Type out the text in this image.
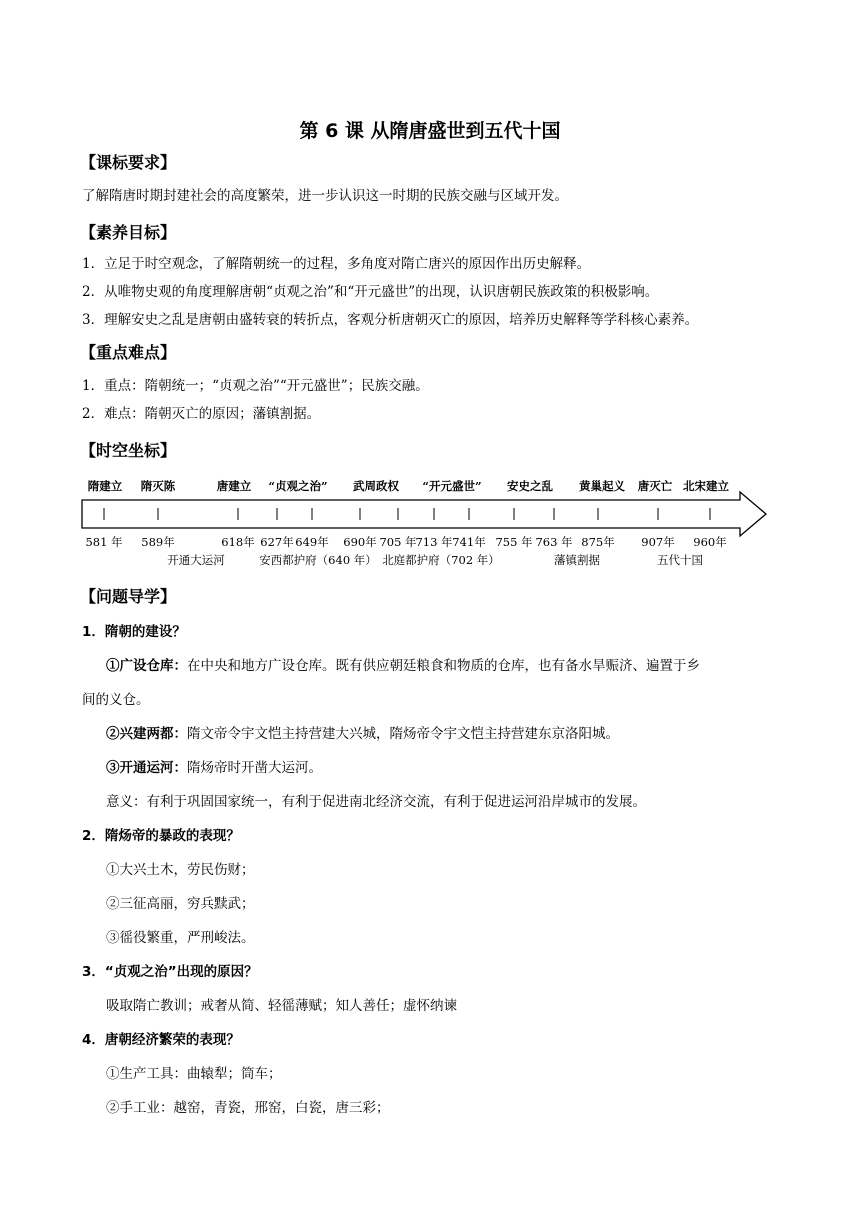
第 6 课 从隋唐盛世到五代十国
【课标要求】
了解隋唐时期封建社会的高度繁荣，进一步认识这一时期的民族交融与区域开发。
【素养目标】
1．立足于时空观念，了解隋朝统一的过程，多角度对隋亡唐兴的原因作出历史解释。
2．从唯物史观的角度理解唐朝“贞观之治”和“开元盛世”的出现，认识唐朝民族政策的积极影响。
3．理解安史之乱是唐朝由盛转衰的转折点，客观分析唐朝灭亡的原因，培养历史解释等学科核心素养。
【重点难点】
1．重点：隋朝统一；“贞观之治”“开元盛世”；民族交融。
2．难点：隋朝灭亡的原因；藩镇割据。
【时空坐标】
隋建立 隋灭陈	唐建立 “贞观之治” 武周政权 “开元盛世” 安史之乱 黄巢起义 唐灭亡 北宋建立
581 年 589年	618年 627年 649年 690年 705 年
713 年 741年 755 年 763 年 875年 907年 960年
开通大运河	安西都护府（640 年） 北庭都护府（702 年）	藩镇割据	五代十国
【问题导学】
1．隋朝的建设？
①广设仓库：在中央和地方广设仓库。既有供应朝廷粮食和物质的仓库，也有备水旱赈济、遍置于乡
间的义仓。
②兴建两都：隋文帝令宇文恺主持营建大兴城，隋炀帝令宇文恺主持营建东京洛阳城。
③开通运河：隋炀帝时开凿大运河。
意义：有利于巩固国家统一，有利于促进南北经济交流，有利于促进运河沿岸城市的发展。
2．隋炀帝的暴政的表现？
①大兴土木，劳民伤财；
②三征高丽，穷兵黩武；
③徭役繁重，严刑峻法。
3．“贞观之治”出现的原因？
吸取隋亡教训；戒奢从简、轻徭薄赋；知人善任；虚怀纳谏
4．唐朝经济繁荣的表现？
①生产工具：曲辕犁；筒车；
②手工业：越窑，青瓷，邢窑，白瓷，唐三彩；
